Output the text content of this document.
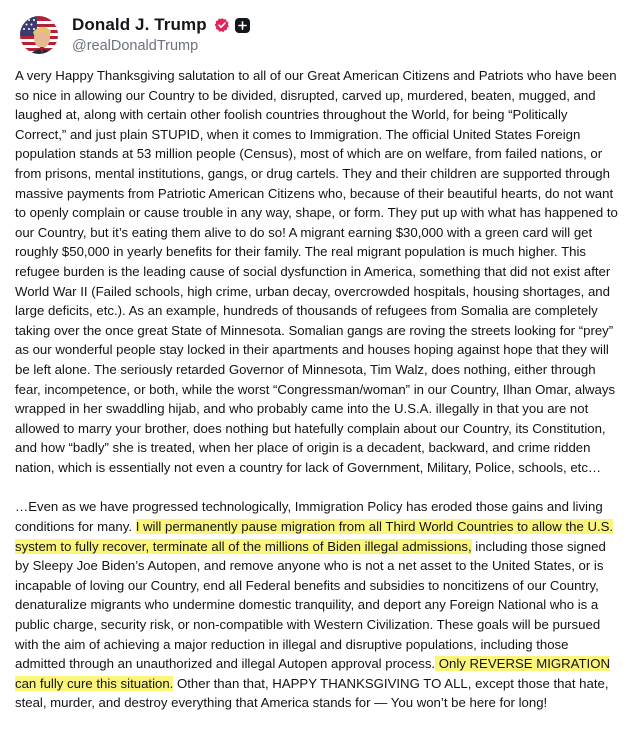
Donald J. Trump
@realDonaldTrump

A very Happy Thanksgiving salutation to all of our Great American Citizens and Patriots who have been so nice in allowing our Country to be divided, disrupted, carved up, murdered, beaten, mugged, and laughed at, along with certain other foolish countries throughout the World, for being “Politically Correct,” and just plain STUPID, when it comes to Immigration. The official United States Foreign population stands at 53 million people (Census), most of which are on welfare, from failed nations, or from prisons, mental institutions, gangs, or drug cartels. They and their children are supported through massive payments from Patriotic American Citizens who, because of their beautiful hearts, do not want to openly complain or cause trouble in any way, shape, or form. They put up with what has happened to our Country, but it’s eating them alive to do so! A migrant earning $30,000 with a green card will get roughly $50,000 in yearly benefits for their family. The real migrant population is much higher. This refugee burden is the leading cause of social dysfunction in America, something that did not exist after World War II (Failed schools, high crime, urban decay, overcrowded hospitals, housing shortages, and large deficits, etc.). As an example, hundreds of thousands of refugees from Somalia are completely taking over the once great State of Minnesota. Somalian gangs are roving the streets looking for “prey” as our wonderful people stay locked in their apartments and houses hoping against hope that they will be left alone. The seriously retarded Governor of Minnesota, Tim Walz, does nothing, either through fear, incompetence, or both, while the worst “Congressman/woman” in our Country, Ilhan Omar, always wrapped in her swaddling hijab, and who probably came into the U.S.A. illegally in that you are not allowed to marry your brother, does nothing but hatefully complain about our Country, its Constitution, and how “badly” she is treated, when her place of origin is a decadent, backward, and crime ridden nation, which is essentially not even a country for lack of Government, Military, Police, schools, etc…

…Even as we have progressed technologically, Immigration Policy has eroded those gains and living conditions for many. I will permanently pause migration from all Third World Countries to allow the U.S. system to fully recover, terminate all of the millions of Biden illegal admissions, including those signed by Sleepy Joe Biden’s Autopen, and remove anyone who is not a net asset to the United States, or is incapable of loving our Country, end all Federal benefits and subsidies to noncitizens of our Country, denaturalize migrants who undermine domestic tranquility, and deport any Foreign National who is a public charge, security risk, or non-compatible with Western Civilization. These goals will be pursued with the aim of achieving a major reduction in illegal and disruptive populations, including those admitted through an unauthorized and illegal Autopen approval process. Only REVERSE MIGRATION can fully cure this situation. Other than that, HAPPY THANKSGIVING TO ALL, except those that hate, steal, murder, and destroy everything that America stands for — You won’t be here for long!
